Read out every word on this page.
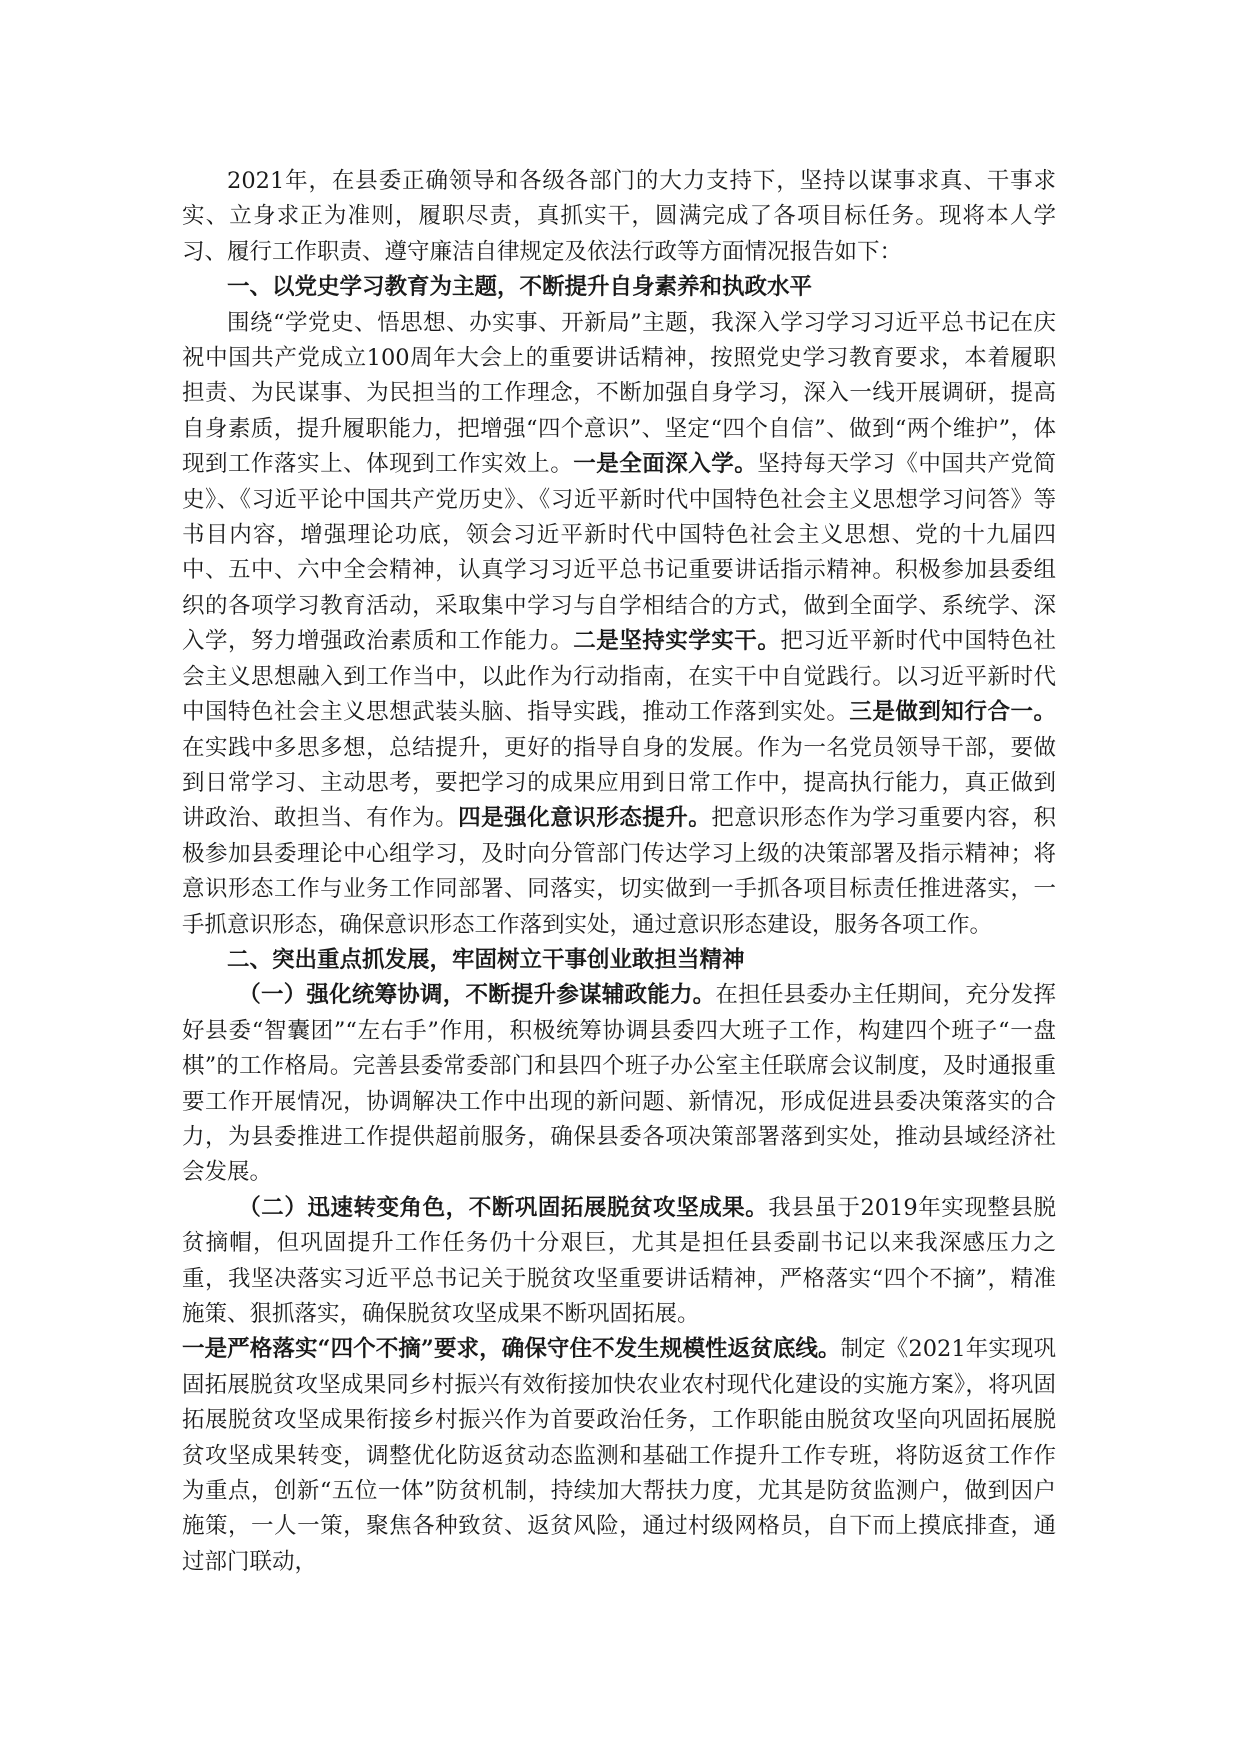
2021年，在县委正确领导和各级各部门的大力支持下，坚持以谋事求真、干事求实、立身求正为准则，履职尽责，真抓实干，圆满完成了各项目标任务。现将本人学习、履行工作职责、遵守廉洁自律规定及依法行政等方面情况报告如下：

一、以党史学习教育为主题，不断提升自身素养和执政水平

围绕“学党史、悟思想、办实事、开新局”主题，我深入学习学习习近平总书记在庆祝中国共产党成立100周年大会上的重要讲话精神，按照党史学习教育要求，本着履职担责、为民谋事、为民担当的工作理念，不断加强自身学习，深入一线开展调研，提高自身素质，提升履职能力，把增强“四个意识”、坚定“四个自信”、做到“两个维护”，体现到工作落实上、体现到工作实效上。一是全面深入学。坚持每天学习《中国共产党简史》、《习近平论中国共产党历史》、《习近平新时代中国特色社会主义思想学习问答》等书目内容，增强理论功底，领会习近平新时代中国特色社会主义思想、党的十九届四中、五中、六中全会精神，认真学习习近平总书记重要讲话指示精神。积极参加县委组织的各项学习教育活动，采取集中学习与自学相结合的方式，做到全面学、系统学、深入学，努力增强政治素质和工作能力。二是坚持实学实干。把习近平新时代中国特色社会主义思想融入到工作当中，以此作为行动指南，在实干中自觉践行。以习近平新时代中国特色社会主义思想武装头脑、指导实践，推动工作落到实处。三是做到知行合一。在实践中多思多想，总结提升，更好的指导自身的发展。作为一名党员领导干部，要做到日常学习、主动思考，要把学习的成果应用到日常工作中，提高执行能力，真正做到讲政治、敢担当、有作为。四是强化意识形态提升。把意识形态作为学习重要内容，积极参加县委理论中心组学习，及时向分管部门传达学习上级的决策部署及指示精神；将意识形态工作与业务工作同部署、同落实，切实做到一手抓各项目标责任推进落实，一手抓意识形态，确保意识形态工作落到实处，通过意识形态建设，服务各项工作。

二、突出重点抓发展，牢固树立干事创业敢担当精神

（一）强化统筹协调，不断提升参谋辅政能力。在担任县委办主任期间，充分发挥好县委“智囊团”“左右手”作用，积极统筹协调县委四大班子工作，构建四个班子“一盘棋”的工作格局。完善县委常委部门和县四个班子办公室主任联席会议制度，及时通报重要工作开展情况，协调解决工作中出现的新问题、新情况，形成促进县委决策落实的合力，为县委推进工作提供超前服务，确保县委各项决策部署落到实处，推动县域经济社会发展。

（二）迅速转变角色，不断巩固拓展脱贫攻坚成果。我县虽于2019年实现整县脱贫摘帽，但巩固提升工作任务仍十分艰巨，尤其是担任县委副书记以来我深感压力之重，我坚决落实习近平总书记关于脱贫攻坚重要讲话精神，严格落实“四个不摘”，精准施策、狠抓落实，确保脱贫攻坚成果不断巩固拓展。

一是严格落实“四个不摘”要求，确保守住不发生规模性返贫底线。制定《2021年实现巩固拓展脱贫攻坚成果同乡村振兴有效衔接加快农业农村现代化建设的实施方案》，将巩固拓展脱贫攻坚成果衔接乡村振兴作为首要政治任务，工作职能由脱贫攻坚向巩固拓展脱贫攻坚成果转变，调整优化防返贫动态监测和基础工作提升工作专班，将防返贫工作作为重点，创新“五位一体”防贫机制，持续加大帮扶力度，尤其是防贫监测户，做到因户施策，一人一策，聚焦各种致贫、返贫风险，通过村级网格员，自下而上摸底排查，通过部门联动，
